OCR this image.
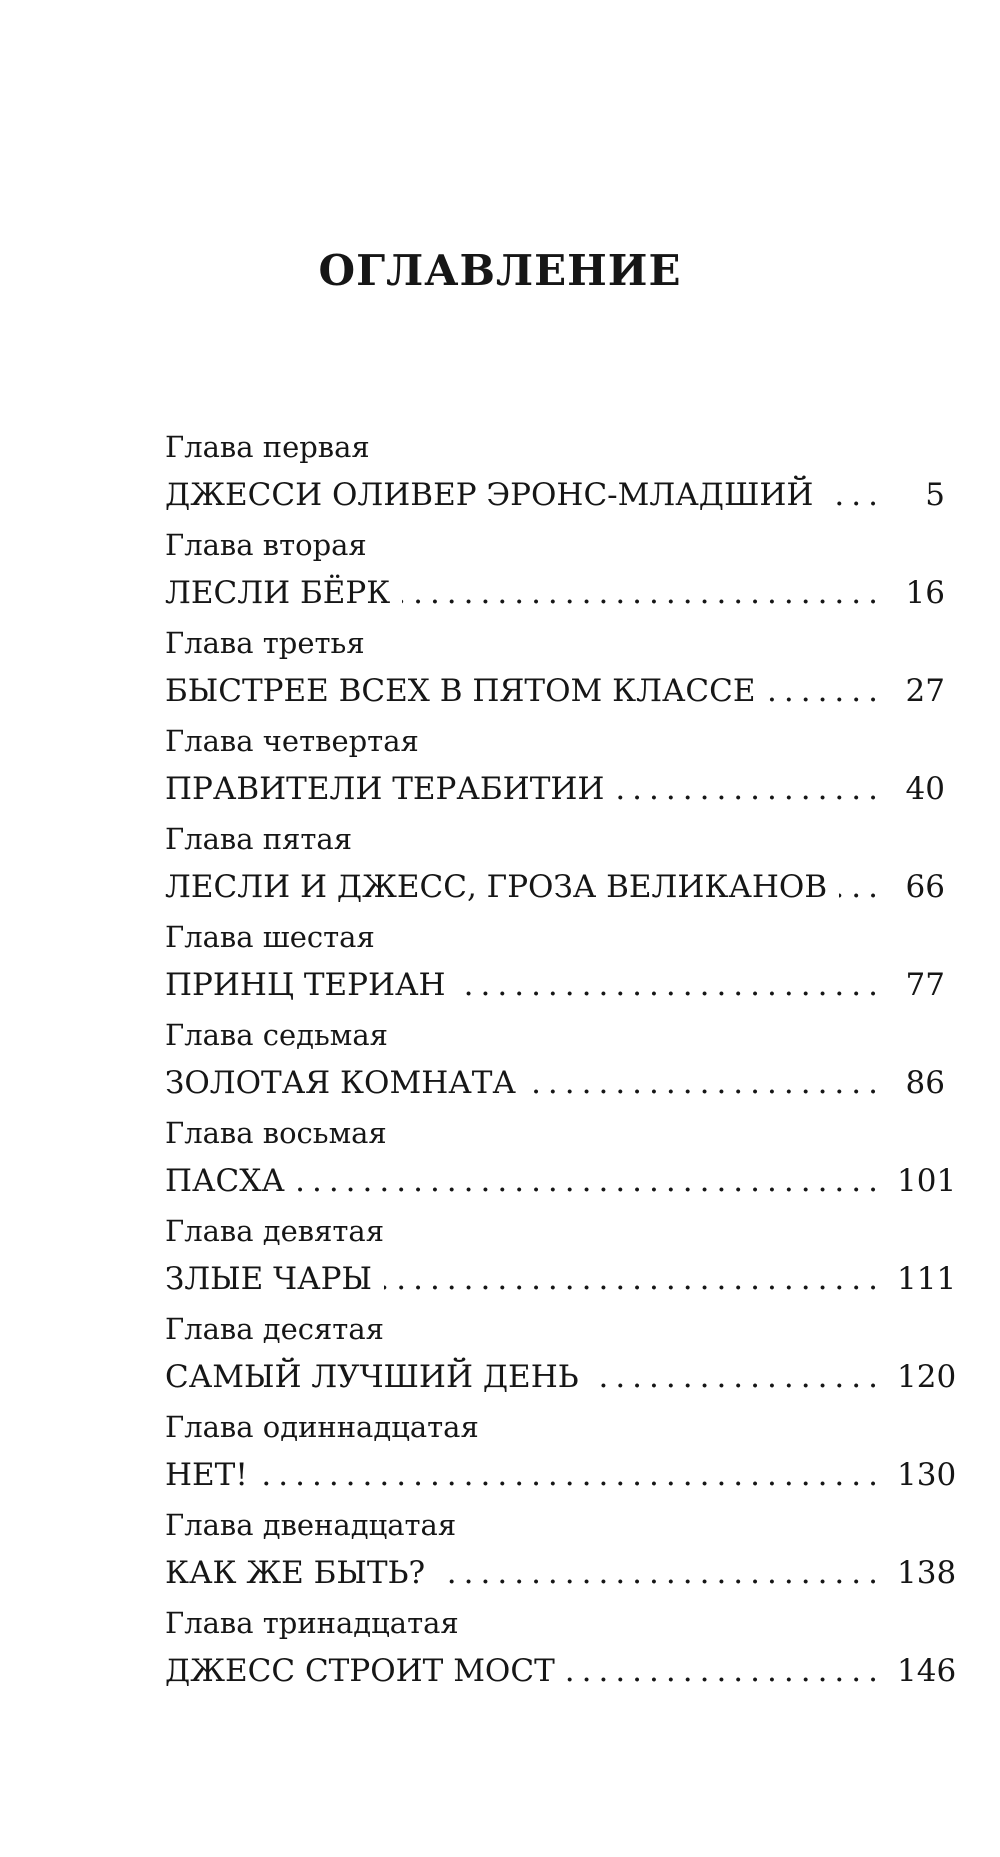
ОГЛАВЛЕНИЕ
Глава первая
ДЖЕССИ ОЛИВЕР ЭРОНС-МЛАДШИЙ .....	5
Глава вторая
ЛЕСЛИ БЁРК .....	16
Глава третья
БЫСТРЕЕ ВСЕХ В ПЯТОМ КЛАССЕ .....	27
Глава четвертая
ПРАВИТЕЛИ ТЕРАБИТИИ .....	40
Глава пятая
ЛЕСЛИ И ДЖЕСС, ГРОЗА ВЕЛИКАНОВ .....	66
Глава шестая
ПРИНЦ ТЕРИАН .....	77
Глава седьмая
ЗОЛОТАЯ КОМНАТА .....	86
Глава восьмая
ПАСХА .....	101
Глава девятая
ЗЛЫЕ ЧАРЫ .....	111
Глава десятая
САМЫЙ ЛУЧШИЙ ДЕНЬ .....	120
Глава одиннадцатая
НЕТ! .....	130
Глава двенадцатая
КАК ЖЕ БЫТЬ? .....	138
Глава тринадцатая
ДЖЕСС СТРОИТ МОСТ .....	146
